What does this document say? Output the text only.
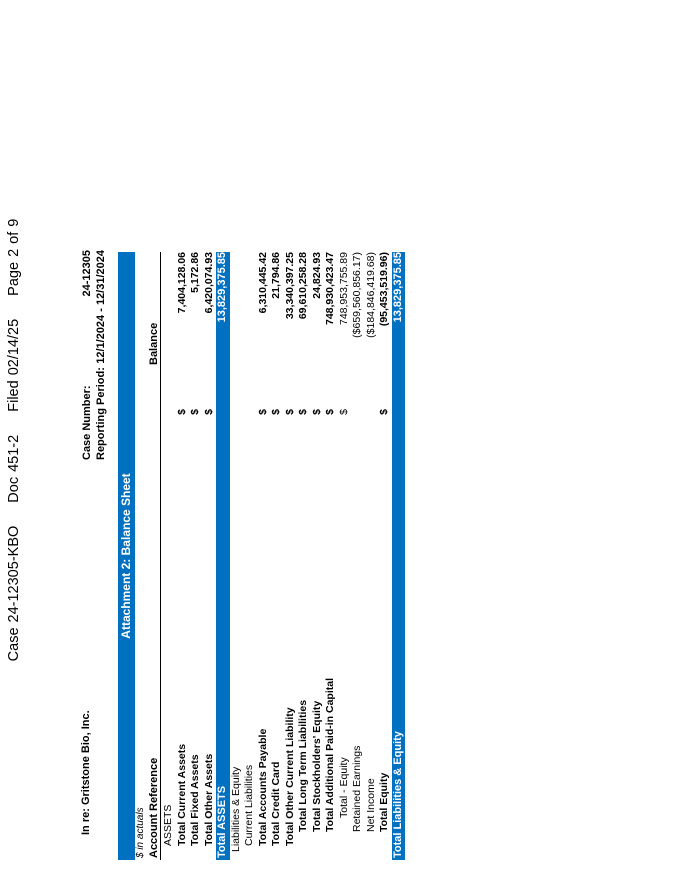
Case 24-12305-KBO Doc 451-2 Filed 02/14/25 Page 2 of 9
In re: Gritstone Bio, Inc.
Case Number: Reporting Period:
24-12305 12/1/2024 - 12/31/2024
Attachment 2: Balance Sheet
$ in actuals Account Reference
Balance
ASSETS Total Current Assets
$
7,404,128.06
Total Fixed Assets
$
5,172.86
Total Other Assets
$
6,420,074.93
Total ASSETS
13,829,375.85
Liabilities & Equity Current Liabilities Total Accounts Payable
$
6,310,445.42
Total Credit Card
$
21,794.86
Total Other Current Liability
$
33,340,397.25
Total Long Term Liabilities
$
69,610,258.28
Total Stockholders' Equity
$
24,824.93
Total Additional Paid-in Capital
$
748,930,423.47
Total - Equity
$
748,953,755.89
Retained Earnings
($659,560,856.17)
Net Income
($184,846,419.68)
Total Equity
$
(95,453,519.96)
Total Liabilities & Equity
13,829,375.85
